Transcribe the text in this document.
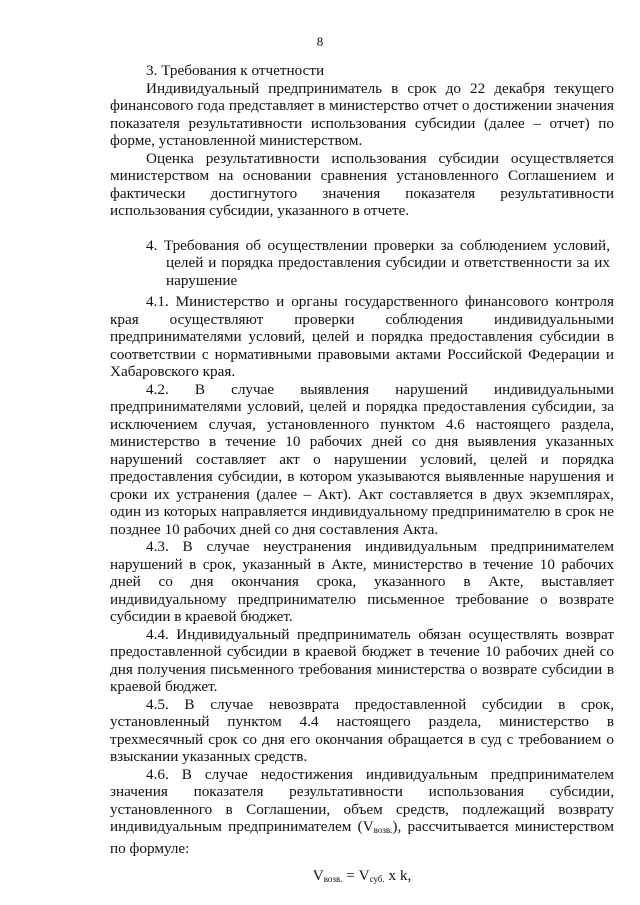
8

3. Требования к отчетности

Индивидуальный предприниматель в срок до 22 декабря текущего финансового года представляет в министерство отчет о достижении значения показателя результативности использования субсидии (далее – отчет) по форме, установленной министерством.

Оценка результативности использования субсидии осуществляется министерством на основании сравнения установленного Соглашением и фактически достигнутого значения показателя результативности использования субсидии, указанного в отчете.

4. Требования об осуществлении проверки за соблюдением условий, целей и порядка предоставления субсидии и ответственности за их нарушение

4.1. Министерство и органы государственного финансового контроля края осуществляют проверки соблюдения индивидуальными предпринимателями условий, целей и порядка предоставления субсидии в соответствии с нормативными правовыми актами Российской Федерации и Хабаровского края.

4.2. В случае выявления нарушений индивидуальными предпринимателями условий, целей и порядка предоставления субсидии, за исключением случая, установленного пунктом 4.6 настоящего раздела, министерство в течение 10 рабочих дней со дня выявления указанных нарушений составляет акт о нарушении условий, целей и порядка предоставления субсидии, в котором указываются выявленные нарушения и сроки их устранения (далее – Акт). Акт составляется в двух экземплярах, один из которых направляется индивидуальному предпринимателю в срок не позднее 10 рабочих дней со дня составления Акта.

4.3. В случае неустранения индивидуальным предпринимателем нарушений в срок, указанный в Акте, министерство в течение 10 рабочих дней со дня окончания срока, указанного в Акте, выставляет индивидуальному предпринимателю письменное требование о возврате субсидии в краевой бюджет.

4.4. Индивидуальный предприниматель обязан осуществлять возврат предоставленной субсидии в краевой бюджет в течение 10 рабочих дней со дня получения письменного требования министерства о возврате субсидии в краевой бюджет.

4.5. В случае невозврата предоставленной субсидии в срок, установленный пунктом 4.4 настоящего раздела, министерство в трехмесячный срок со дня его окончания обращается в суд с требованием о взыскании указанных средств.

4.6. В случае недостижения индивидуальным предпринимателем значения показателя результативности использования субсидии, установленного в Соглашении, объем средств, подлежащий возврату индивидуальным предпринимателем $(V_{возв.})$, рассчитывается министерством по формуле:

$V_{возв.} = V_{суб.}$ x k,
